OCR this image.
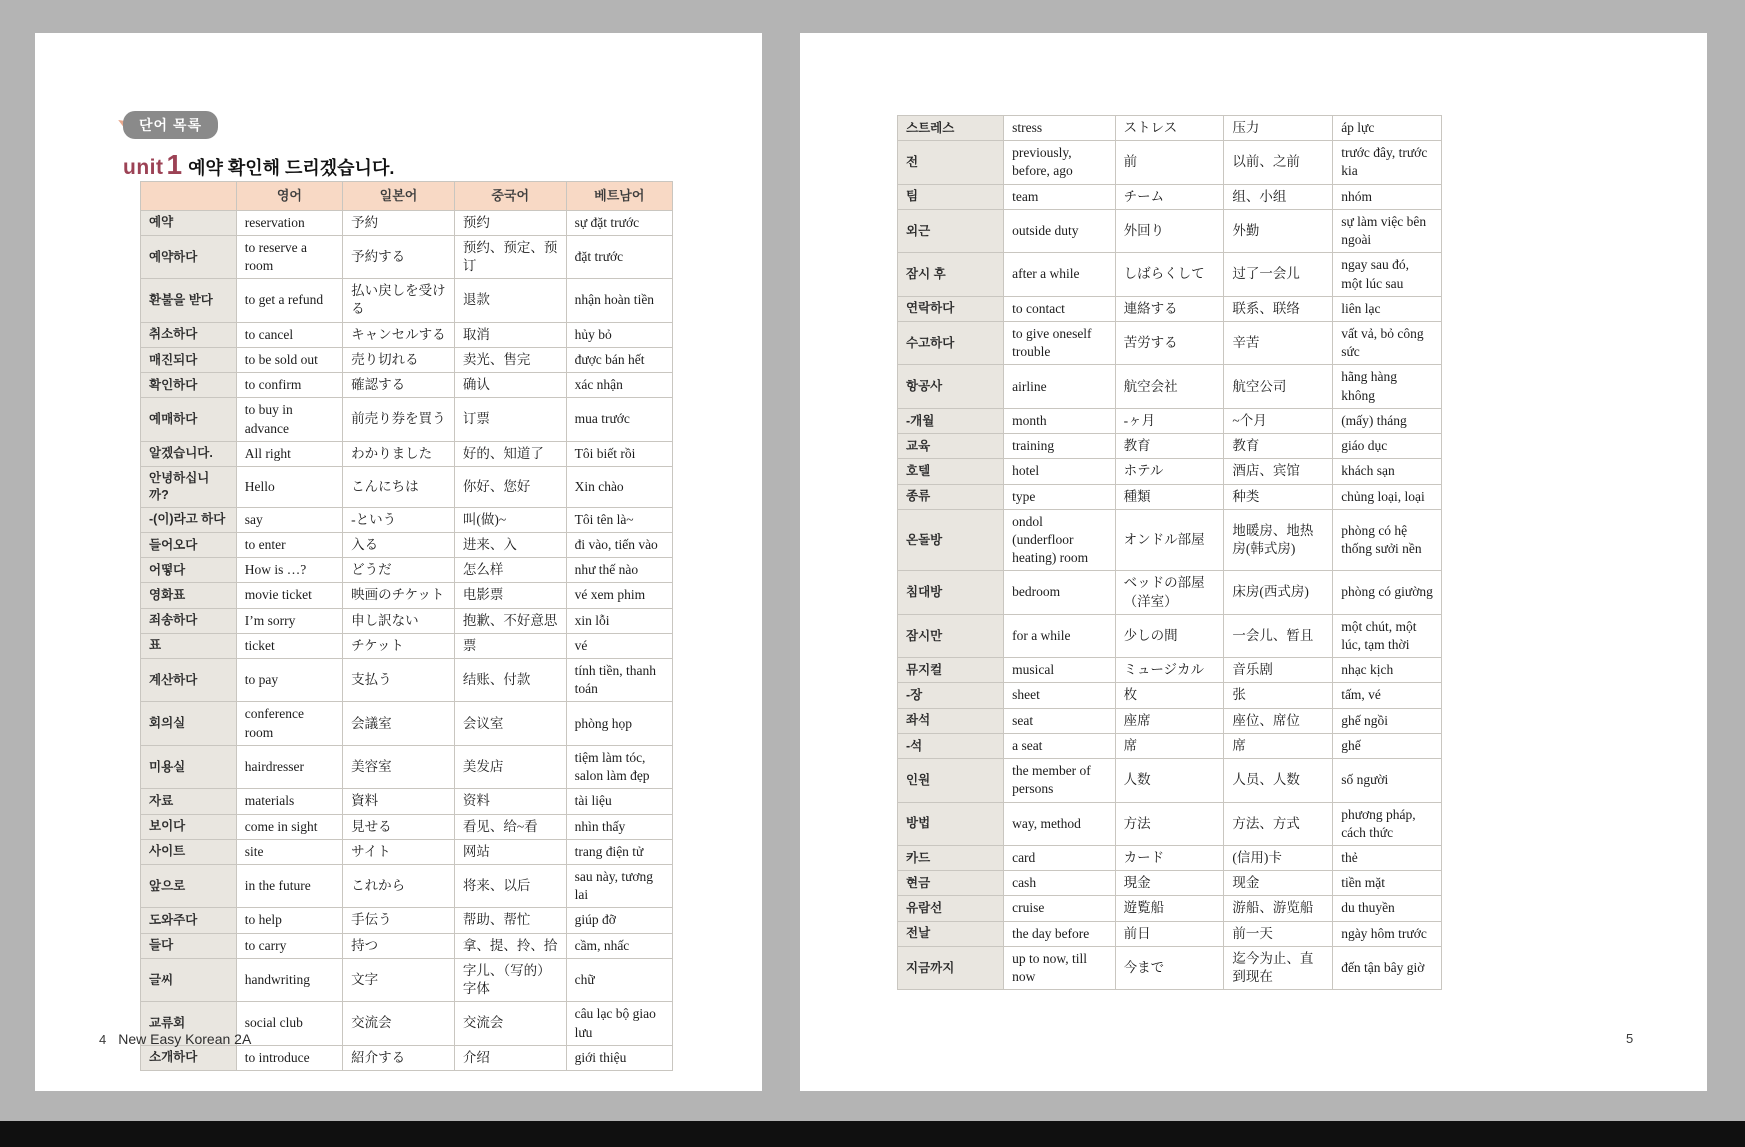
단어 목록
unit 1 예약 확인해 드리겠습니다.
	영어	일본어	중국어	베트남어
예약	reservation	予約	预约	sự đặt trước
예약하다	to reserve a room	予約する	预约、预定、预订	đặt trước
환불을 받다	to get a refund	払い戻しを受ける	退款	nhận hoàn tiền
취소하다	to cancel	キャンセルする	取消	hủy bỏ
매진되다	to be sold out	売り切れる	卖光、售完	được bán hết
확인하다	to confirm	確認する	确认	xác nhận
예매하다	to buy in advance	前売り券を買う	订票	mua trước
알겠습니다.	All right	わかりました	好的、知道了	Tôi biết rồi
안녕하십니까?	Hello	こんにちは	你好、您好	Xin chào
-(이)라고 하다	say	-という	叫(做)~	Tôi tên là~
들어오다	to enter	入る	进来、入	đi vào, tiến vào
어떻다	How is …?	どうだ	怎么样	như thế nào
영화표	movie ticket	映画のチケット	电影票	vé xem phim
죄송하다	I’m sorry	申し訳ない	抱歉、不好意思	xin lỗi
표	ticket	チケット	票	vé
계산하다	to pay	支払う	结账、付款	tính tiền, thanh toán
회의실	conference room	会議室	会议室	phòng họp
미용실	hairdresser	美容室	美发店	tiệm làm tóc, salon làm đẹp
자료	materials	資料	资料	tài liệu
보이다	come in sight	見せる	看见、给~看	nhìn thấy
사이트	site	サイト	网站	trang điện tử
앞으로	in the future	これから	将来、以后	sau này, tương lai
도와주다	to help	手伝う	帮助、帮忙	giúp đỡ
들다	to carry	持つ	拿、提、拎、拾	cầm, nhấc
글씨	handwriting	文字	字儿、（写的）字体	chữ
교류회	social club	交流会	交流会	câu lạc bộ giao lưu
소개하다	to introduce	紹介する	介绍	giới thiệu
4 New Easy Korean 2A
스트레스	stress	ストレス	压力	áp lực
전	previously, before, ago	前	以前、之前	trước đây, trước kia
팀	team	チーム	组、小组	nhóm
외근	outside duty	外回り	外勤	sự làm việc bên ngoài
잠시 후	after a while	しばらくして	过了一会儿	ngay sau đó, một lúc sau
연락하다	to contact	連絡する	联系、联络	liên lạc
수고하다	to give oneself trouble	苦労する	辛苦	vất vả, bỏ công sức
항공사	airline	航空会社	航空公司	hãng hàng không
-개월	month	-ヶ月	~个月	(mấy) tháng
교육	training	教育	教育	giáo dục
호텔	hotel	ホテル	酒店、宾馆	khách sạn
종류	type	種類	种类	chủng loại, loại
온돌방	ondol (underfloor heating) room	オンドル部屋	地暖房、地热房(韩式房)	phòng có hệ thống sưởi nền
침대방	bedroom	ベッドの部屋（洋室）	床房(西式房)	phòng có giường
잠시만	for a while	少しの間	一会儿、暂且	một chút, một lúc, tạm thời
뮤지컬	musical	ミュージカル	音乐剧	nhạc kịch
-장	sheet	枚	张	tấm, vé
좌석	seat	座席	座位、席位	ghế ngồi
-석	a seat	席	席	ghế
인원	the member of persons	人数	人员、人数	số người
방법	way, method	方法	方法、方式	phương pháp, cách thức
카드	card	カード	(信用)卡	thẻ
현금	cash	現金	现金	tiền mặt
유람선	cruise	遊覧船	游船、游览船	du thuyền
전날	the day before	前日	前一天	ngày hôm trước
지금까지	up to now, till now	今まで	迄今为止、直到现在	đến tận bây giờ
5
